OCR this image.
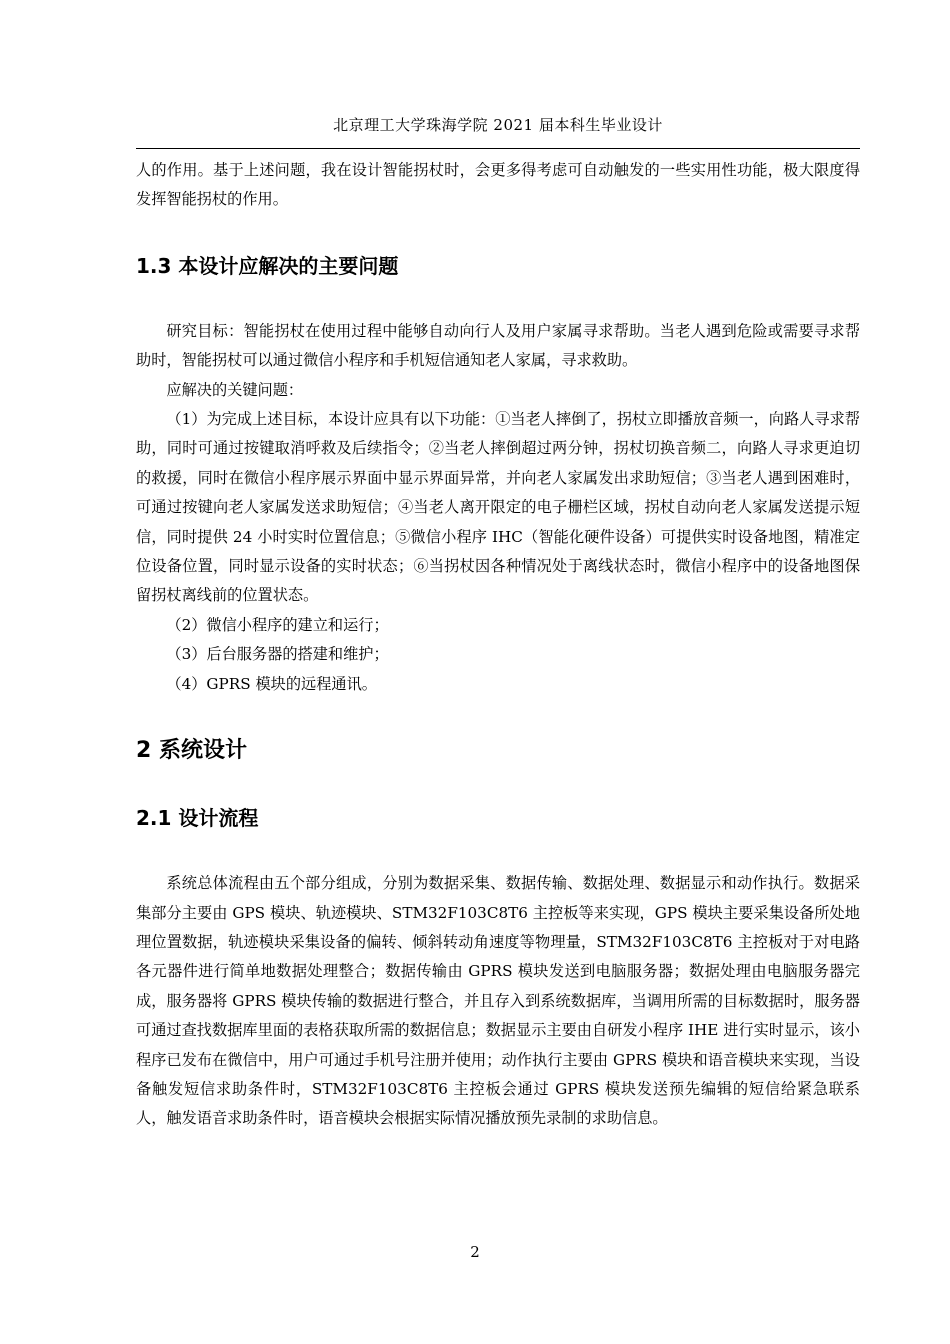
北京理工大学珠海学院 2021 届本科生毕业设计

人的作用。基于上述问题，我在设计智能拐杖时，会更多得考虑可自动触发的一些实用性功能，极大限度得发挥智能拐杖的作用。

1.3 本设计应解决的主要问题

研究目标：智能拐杖在使用过程中能够自动向行人及用户家属寻求帮助。当老人遇到危险或需要寻求帮助时，智能拐杖可以通过微信小程序和手机短信通知老人家属，寻求救助。

应解决的关键问题：

（1）为完成上述目标，本设计应具有以下功能：①当老人摔倒了，拐杖立即播放音频一，向路人寻求帮助，同时可通过按键取消呼救及后续指令；②当老人摔倒超过两分钟，拐杖切换音频二，向路人寻求更迫切的救援，同时在微信小程序展示界面中显示界面异常，并向老人家属发出求助短信；③当老人遇到困难时，可通过按键向老人家属发送求助短信；④当老人离开限定的电子栅栏区域，拐杖自动向老人家属发送提示短信，同时提供 24 小时实时位置信息；⑤微信小程序 IHC（智能化硬件设备）可提供实时设备地图，精准定位设备位置，同时显示设备的实时状态；⑥当拐杖因各种情况处于离线状态时，微信小程序中的设备地图保留拐杖离线前的位置状态。

（2）微信小程序的建立和运行；

（3）后台服务器的搭建和维护；

（4）GPRS 模块的远程通讯。

2 系统设计

2.1 设计流程

系统总体流程由五个部分组成，分别为数据采集、数据传输、数据处理、数据显示和动作执行。数据采集部分主要由 GPS 模块、轨迹模块、STM32F103C8T6 主控板等来实现，GPS 模块主要采集设备所处地理位置数据，轨迹模块采集设备的偏转、倾斜转动角速度等物理量，STM32F103C8T6 主控板对于对电路各元器件进行简单地数据处理整合；数据传输由 GPRS 模块发送到电脑服务器；数据处理由电脑服务器完成，服务器将 GPRS 模块传输的数据进行整合，并且存入到系统数据库，当调用所需的目标数据时，服务器可通过查找数据库里面的表格获取所需的数据信息；数据显示主要由自研发小程序 IHE 进行实时显示，该小程序已发布在微信中，用户可通过手机号注册并使用；动作执行主要由 GPRS 模块和语音模块来实现，当设备触发短信求助条件时，STM32F103C8T6 主控板会通过 GPRS 模块发送预先编辑的短信给紧急联系人，触发语音求助条件时，语音模块会根据实际情况播放预先录制的求助信息。

2
